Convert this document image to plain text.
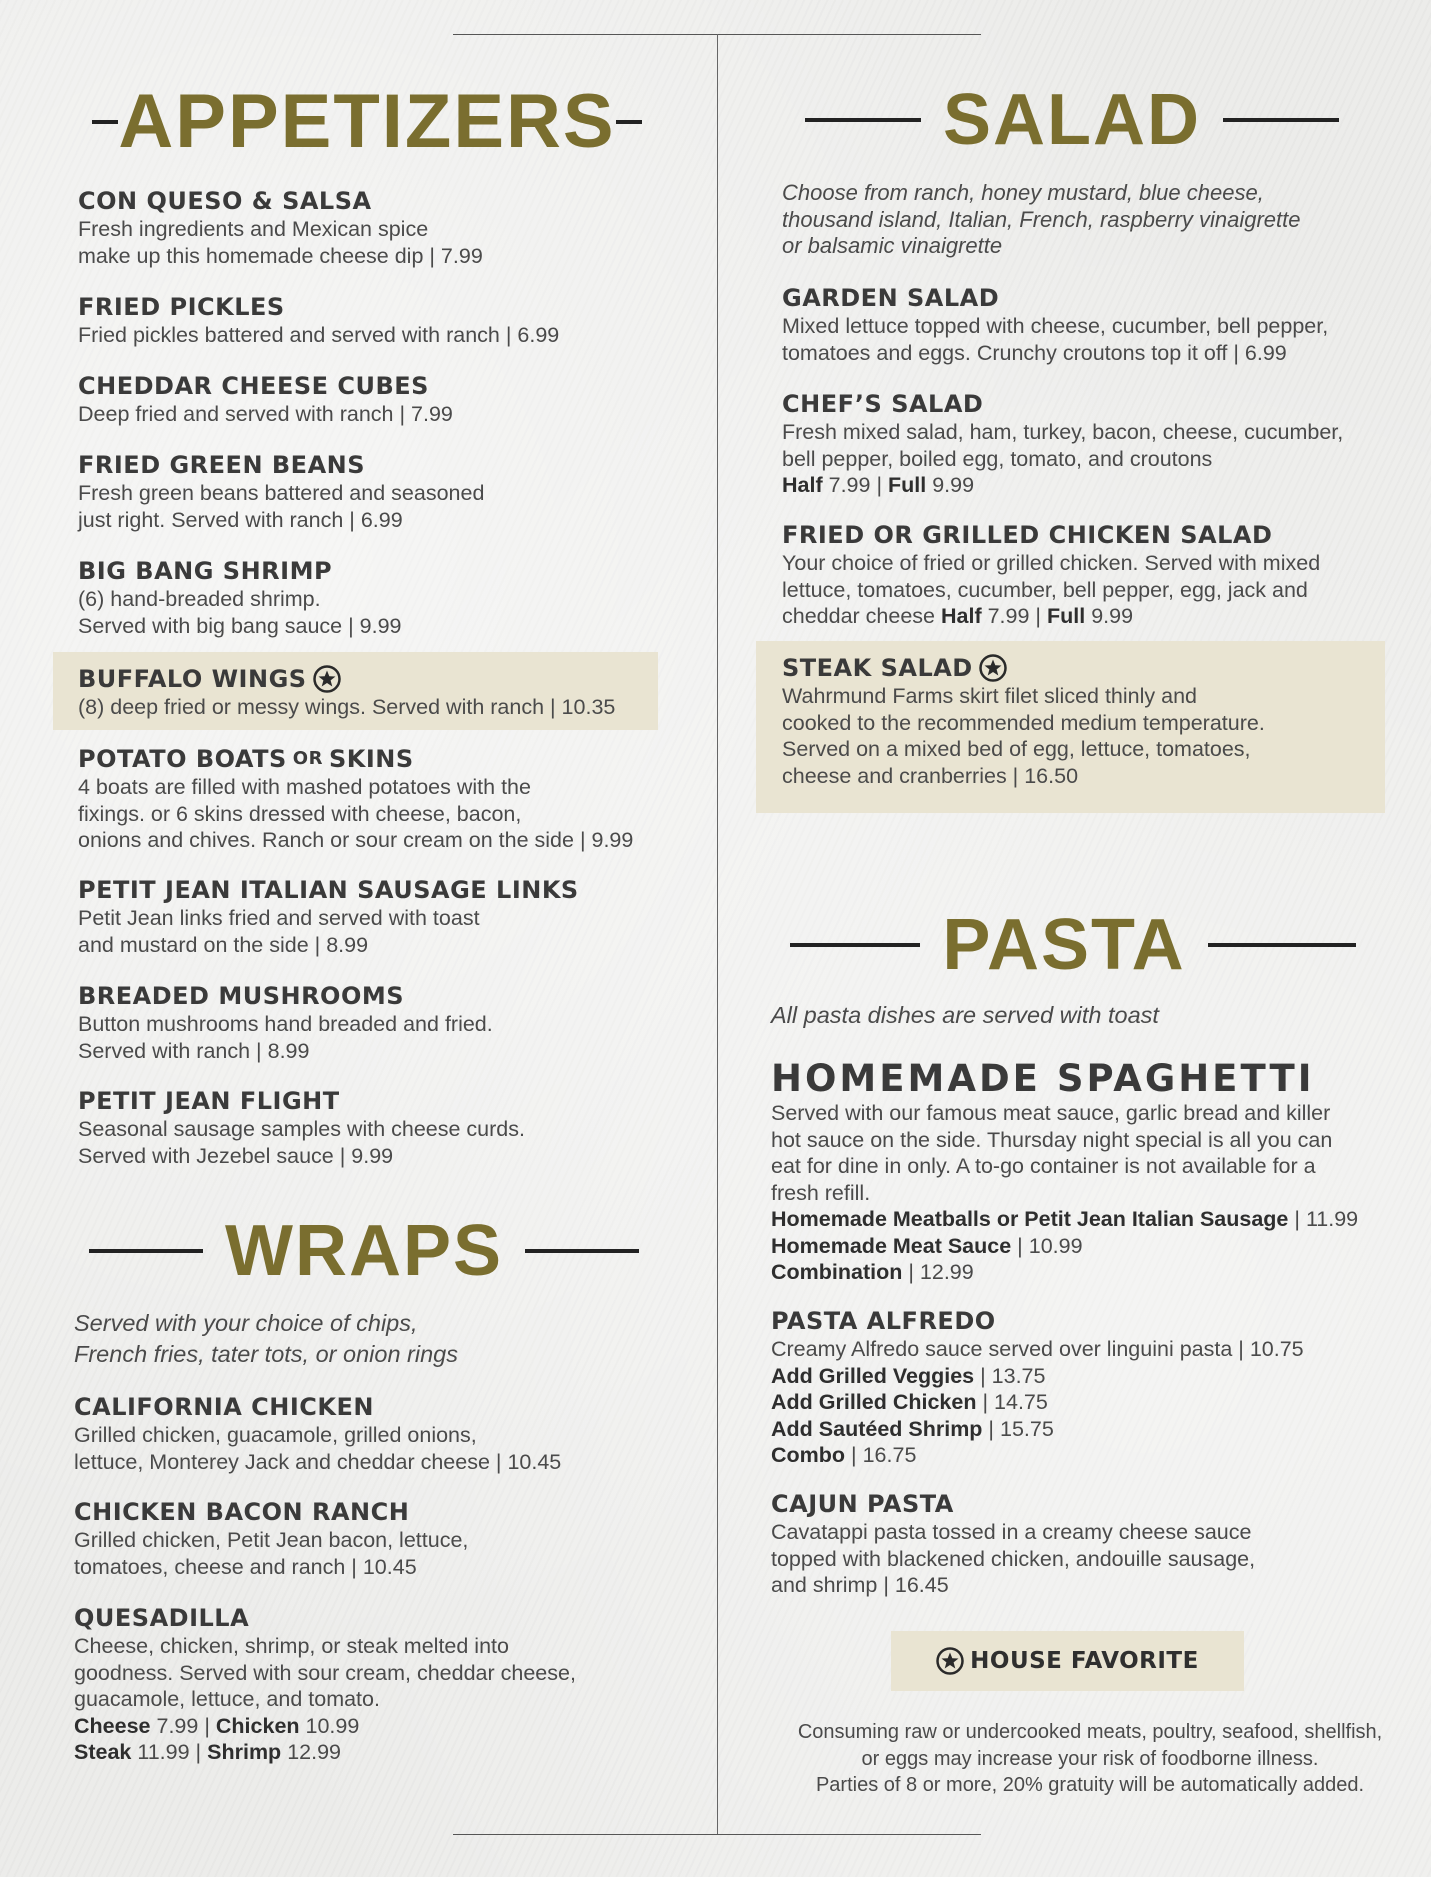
APPETIZERS
CON QUESO & SALSA
Fresh ingredients and Mexican spice
make up this homemade cheese dip | 7.99
FRIED PICKLES
Fried pickles battered and served with ranch | 6.99
CHEDDAR CHEESE CUBES
Deep fried and served with ranch | 7.99
FRIED GREEN BEANS
Fresh green beans battered and seasoned
just right. Served with ranch | 6.99
BIG BANG SHRIMP
(6) hand-breaded shrimp.
Served with big bang sauce | 9.99
BUFFALO WINGS
(8) deep fried or messy wings. Served with ranch | 10.35
POTATO BOATS OR SKINS
4 boats are filled with mashed potatoes with the
fixings. or 6 skins dressed with cheese, bacon,
onions and chives. Ranch or sour cream on the side | 9.99
PETIT JEAN ITALIAN SAUSAGE LINKS
Petit Jean links fried and served with toast
and mustard on the side | 8.99
BREADED MUSHROOMS
Button mushrooms hand breaded and fried.
Served with ranch | 8.99
PETIT JEAN FLIGHT
Seasonal sausage samples with cheese curds.
Served with Jezebel sauce | 9.99
WRAPS
Served with your choice of chips,
French fries, tater tots, or onion rings
CALIFORNIA CHICKEN
Grilled chicken, guacamole, grilled onions,
lettuce, Monterey Jack and cheddar cheese | 10.45
CHICKEN BACON RANCH
Grilled chicken, Petit Jean bacon, lettuce,
tomatoes, cheese and ranch | 10.45
QUESADILLA
Cheese, chicken, shrimp, or steak melted into
goodness. Served with sour cream, cheddar cheese,
guacamole, lettuce, and tomato.
Cheese 7.99 | Chicken 10.99
Steak 11.99 | Shrimp 12.99
SALAD
Choose from ranch, honey mustard, blue cheese,
thousand island, Italian, French, raspberry vinaigrette
or balsamic vinaigrette
GARDEN SALAD
Mixed lettuce topped with cheese, cucumber, bell pepper,
tomatoes and eggs. Crunchy croutons top it off | 6.99
CHEF’S SALAD
Fresh mixed salad, ham, turkey, bacon, cheese, cucumber,
bell pepper, boiled egg, tomato, and croutons
Half 7.99 | Full 9.99
FRIED OR GRILLED CHICKEN SALAD
Your choice of fried or grilled chicken. Served with mixed
lettuce, tomatoes, cucumber, bell pepper, egg, jack and
cheddar cheese Half 7.99 | Full 9.99
STEAK SALAD
Wahrmund Farms skirt filet sliced thinly and
cooked to the recommended medium temperature.
Served on a mixed bed of egg, lettuce, tomatoes,
cheese and cranberries | 16.50
PASTA
All pasta dishes are served with toast
HOMEMADE SPAGHETTI
Served with our famous meat sauce, garlic bread and killer
hot sauce on the side. Thursday night special is all you can
eat for dine in only. A to-go container is not available for a
fresh refill.
Homemade Meatballs or Petit Jean Italian Sausage | 11.99
Homemade Meat Sauce | 10.99
Combination | 12.99
PASTA ALFREDO
Creamy Alfredo sauce served over linguini pasta | 10.75
Add Grilled Veggies | 13.75
Add Grilled Chicken | 14.75
Add Sautéed Shrimp | 15.75
Combo | 16.75
CAJUN PASTA
Cavatappi pasta tossed in a creamy cheese sauce
topped with blackened chicken, andouille sausage,
and shrimp | 16.45
HOUSE FAVORITE
Consuming raw or undercooked meats, poultry, seafood, shellfish,
or eggs may increase your risk of foodborne illness.
Parties of 8 or more, 20% gratuity will be automatically added.
